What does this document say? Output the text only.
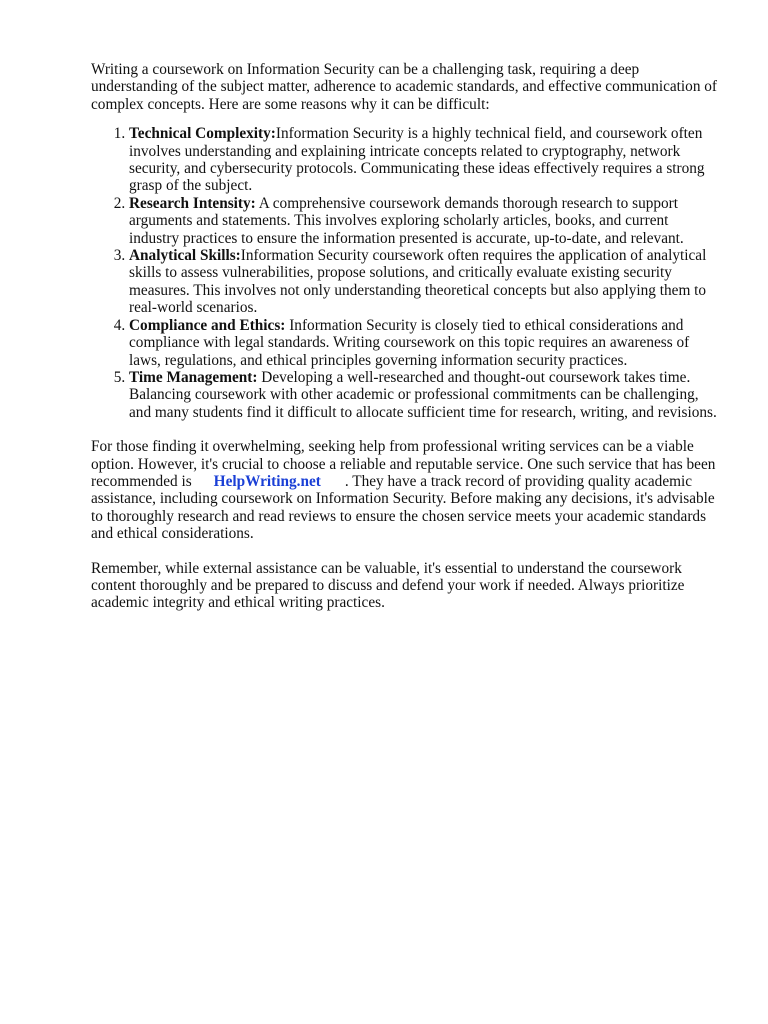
Writing a coursework on Information Security can be a challenging task, requiring a deep understanding of the subject matter, adherence to academic standards, and effective communication of complex concepts. Here are some reasons why it can be difficult:

1. Technical Complexity:Information Security is a highly technical field, and coursework often involves understanding and explaining intricate concepts related to cryptography, network security, and cybersecurity protocols. Communicating these ideas effectively requires a strong grasp of the subject.
2. Research Intensity: A comprehensive coursework demands thorough research to support arguments and statements. This involves exploring scholarly articles, books, and current industry practices to ensure the information presented is accurate, up-to-date, and relevant.
3. Analytical Skills:Information Security coursework often requires the application of analytical skills to assess vulnerabilities, propose solutions, and critically evaluate existing security measures. This involves not only understanding theoretical concepts but also applying them to real-world scenarios.
4. Compliance and Ethics: Information Security is closely tied to ethical considerations and compliance with legal standards. Writing coursework on this topic requires an awareness of laws, regulations, and ethical principles governing information security practices.
5. Time Management: Developing a well-researched and thought-out coursework takes time. Balancing coursework with other academic or professional commitments can be challenging, and many students find it difficult to allocate sufficient time for research, writing, and revisions.

For those finding it overwhelming, seeking help from professional writing services can be a viable option. However, it's crucial to choose a reliable and reputable service. One such service that has been recommended is HelpWriting.net . They have a track record of providing quality academic assistance, including coursework on Information Security. Before making any decisions, it's advisable to thoroughly research and read reviews to ensure the chosen service meets your academic standards and ethical considerations.

Remember, while external assistance can be valuable, it's essential to understand the coursework content thoroughly and be prepared to discuss and defend your work if needed. Always prioritize academic integrity and ethical writing practices.
